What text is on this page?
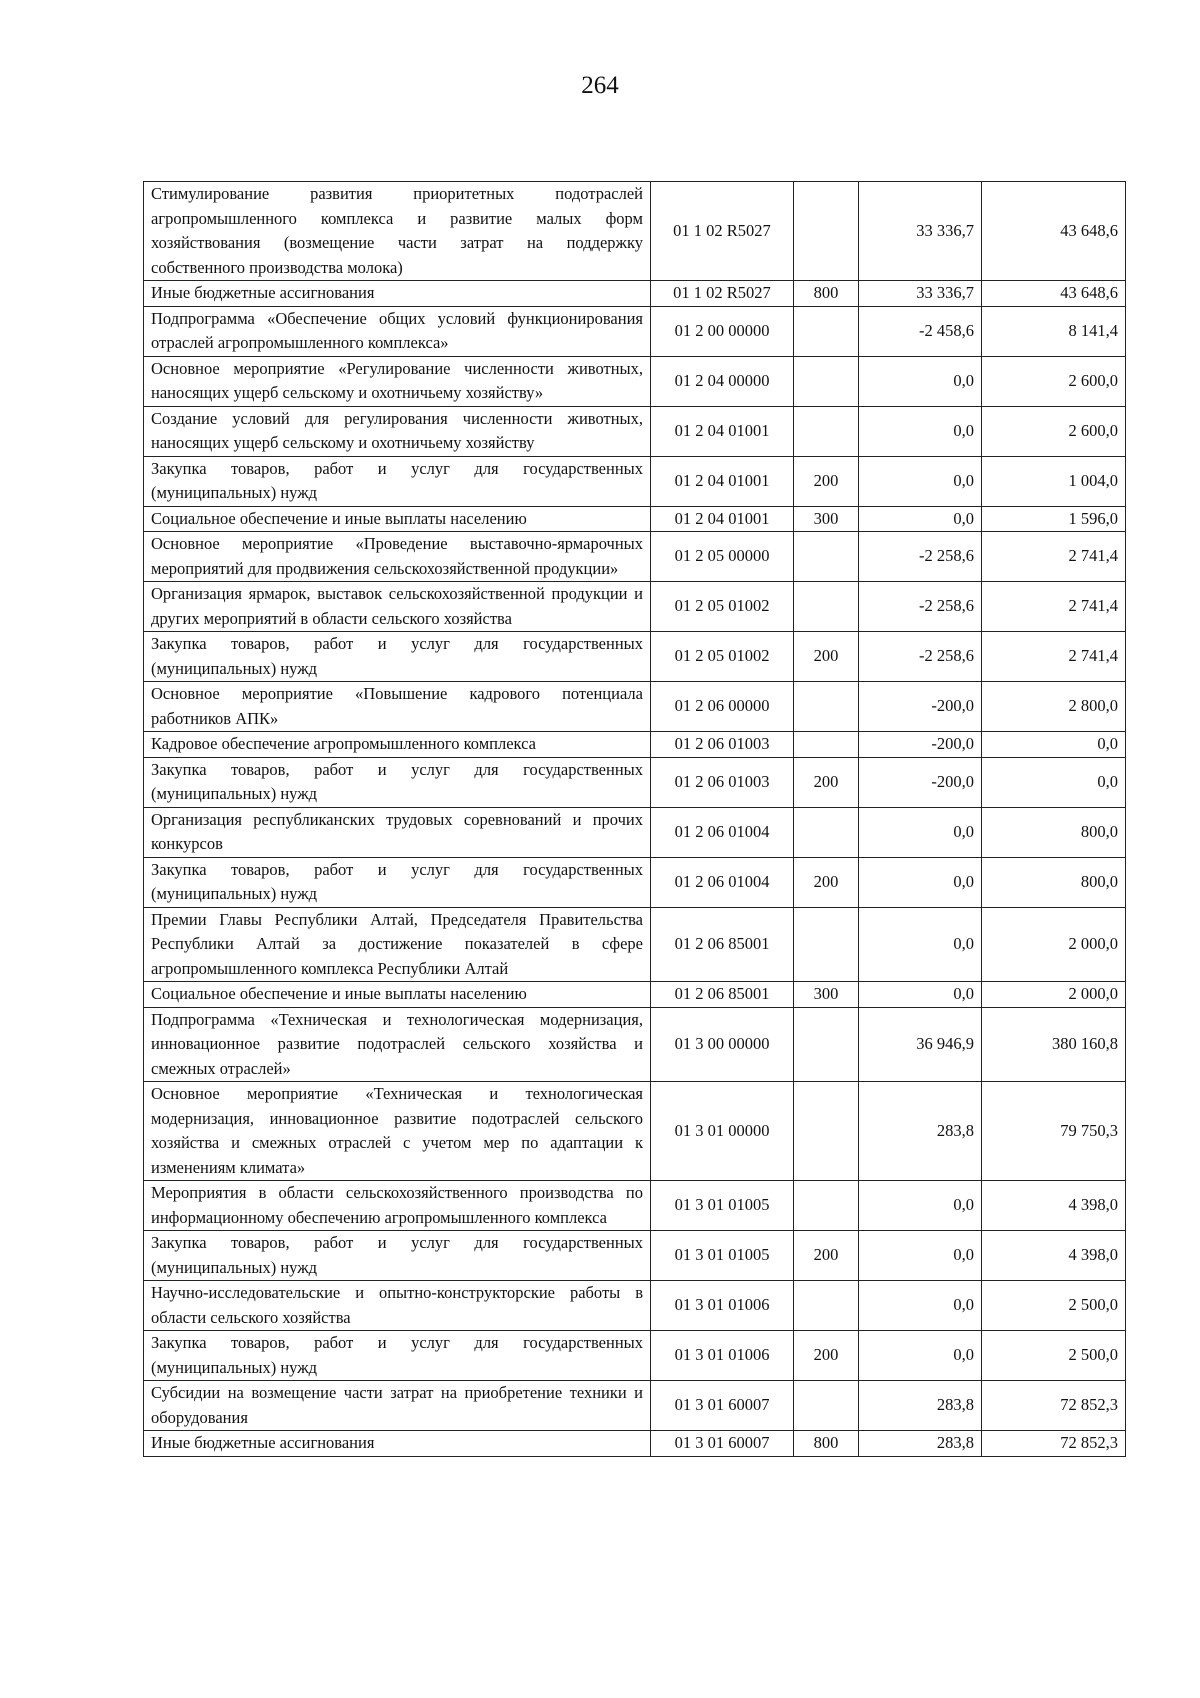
264
Стимулирование развития приоритетных подотраслей агропромышленного комплекса и развитие малых форм хозяйствования (возмещение части затрат на поддержку собственного производства молока)	01 1 02 R5027		33 336,7	43 648,6
Иные бюджетные ассигнования	01 1 02 R5027	800	33 336,7	43 648,6
Подпрограмма «Обеспечение общих условий функционирования отраслей агропромышленного комплекса»	01 2 00 00000		-2 458,6	8 141,4
Основное мероприятие «Регулирование численности животных, наносящих ущерб сельскому и охотничьему хозяйству»	01 2 04 00000		0,0	2 600,0
Создание условий для регулирования численности животных, наносящих ущерб сельскому и охотничьему хозяйству	01 2 04 01001		0,0	2 600,0
Закупка товаров, работ и услуг для государственных (муниципальных) нужд	01 2 04 01001	200	0,0	1 004,0
Социальное обеспечение и иные выплаты населению	01 2 04 01001	300	0,0	1 596,0
Основное мероприятие «Проведение выставочно-ярмарочных мероприятий для продвижения сельскохозяйственной продукции»	01 2 05 00000		-2 258,6	2 741,4
Организация ярмарок, выставок сельскохозяйственной продукции и других мероприятий в области сельского хозяйства	01 2 05 01002		-2 258,6	2 741,4
Закупка товаров, работ и услуг для государственных (муниципальных) нужд	01 2 05 01002	200	-2 258,6	2 741,4
Основное мероприятие «Повышение кадрового потенциала работников АПК»	01 2 06 00000		-200,0	2 800,0
Кадровое обеспечение агропромышленного комплекса	01 2 06 01003		-200,0	0,0
Закупка товаров, работ и услуг для государственных (муниципальных) нужд	01 2 06 01003	200	-200,0	0,0
Организация республиканских трудовых соревнований и прочих конкурсов	01 2 06 01004		0,0	800,0
Закупка товаров, работ и услуг для государственных (муниципальных) нужд	01 2 06 01004	200	0,0	800,0
Премии Главы Республики Алтай, Председателя Правительства Республики Алтай за достижение показателей в сфере агропромышленного комплекса Республики Алтай	01 2 06 85001		0,0	2 000,0
Социальное обеспечение и иные выплаты населению	01 2 06 85001	300	0,0	2 000,0
Подпрограмма «Техническая и технологическая модернизация, инновационное развитие подотраслей сельского хозяйства и смежных отраслей»	01 3 00 00000		36 946,9	380 160,8
Основное мероприятие «Техническая и технологическая модернизация, инновационное развитие подотраслей сельского хозяйства и смежных отраслей с учетом мер по адаптации к изменениям климата»	01 3 01 00000		283,8	79 750,3
Мероприятия в области сельскохозяйственного производства по информационному обеспечению агропромышленного комплекса	01 3 01 01005		0,0	4 398,0
Закупка товаров, работ и услуг для государственных (муниципальных) нужд	01 3 01 01005	200	0,0	4 398,0
Научно-исследовательские и опытно-конструкторские работы в области сельского хозяйства	01 3 01 01006		0,0	2 500,0
Закупка товаров, работ и услуг для государственных (муниципальных) нужд	01 3 01 01006	200	0,0	2 500,0
Субсидии на возмещение части затрат на приобретение техники и оборудования	01 3 01 60007		283,8	72 852,3
Иные бюджетные ассигнования	01 3 01 60007	800	283,8	72 852,3
